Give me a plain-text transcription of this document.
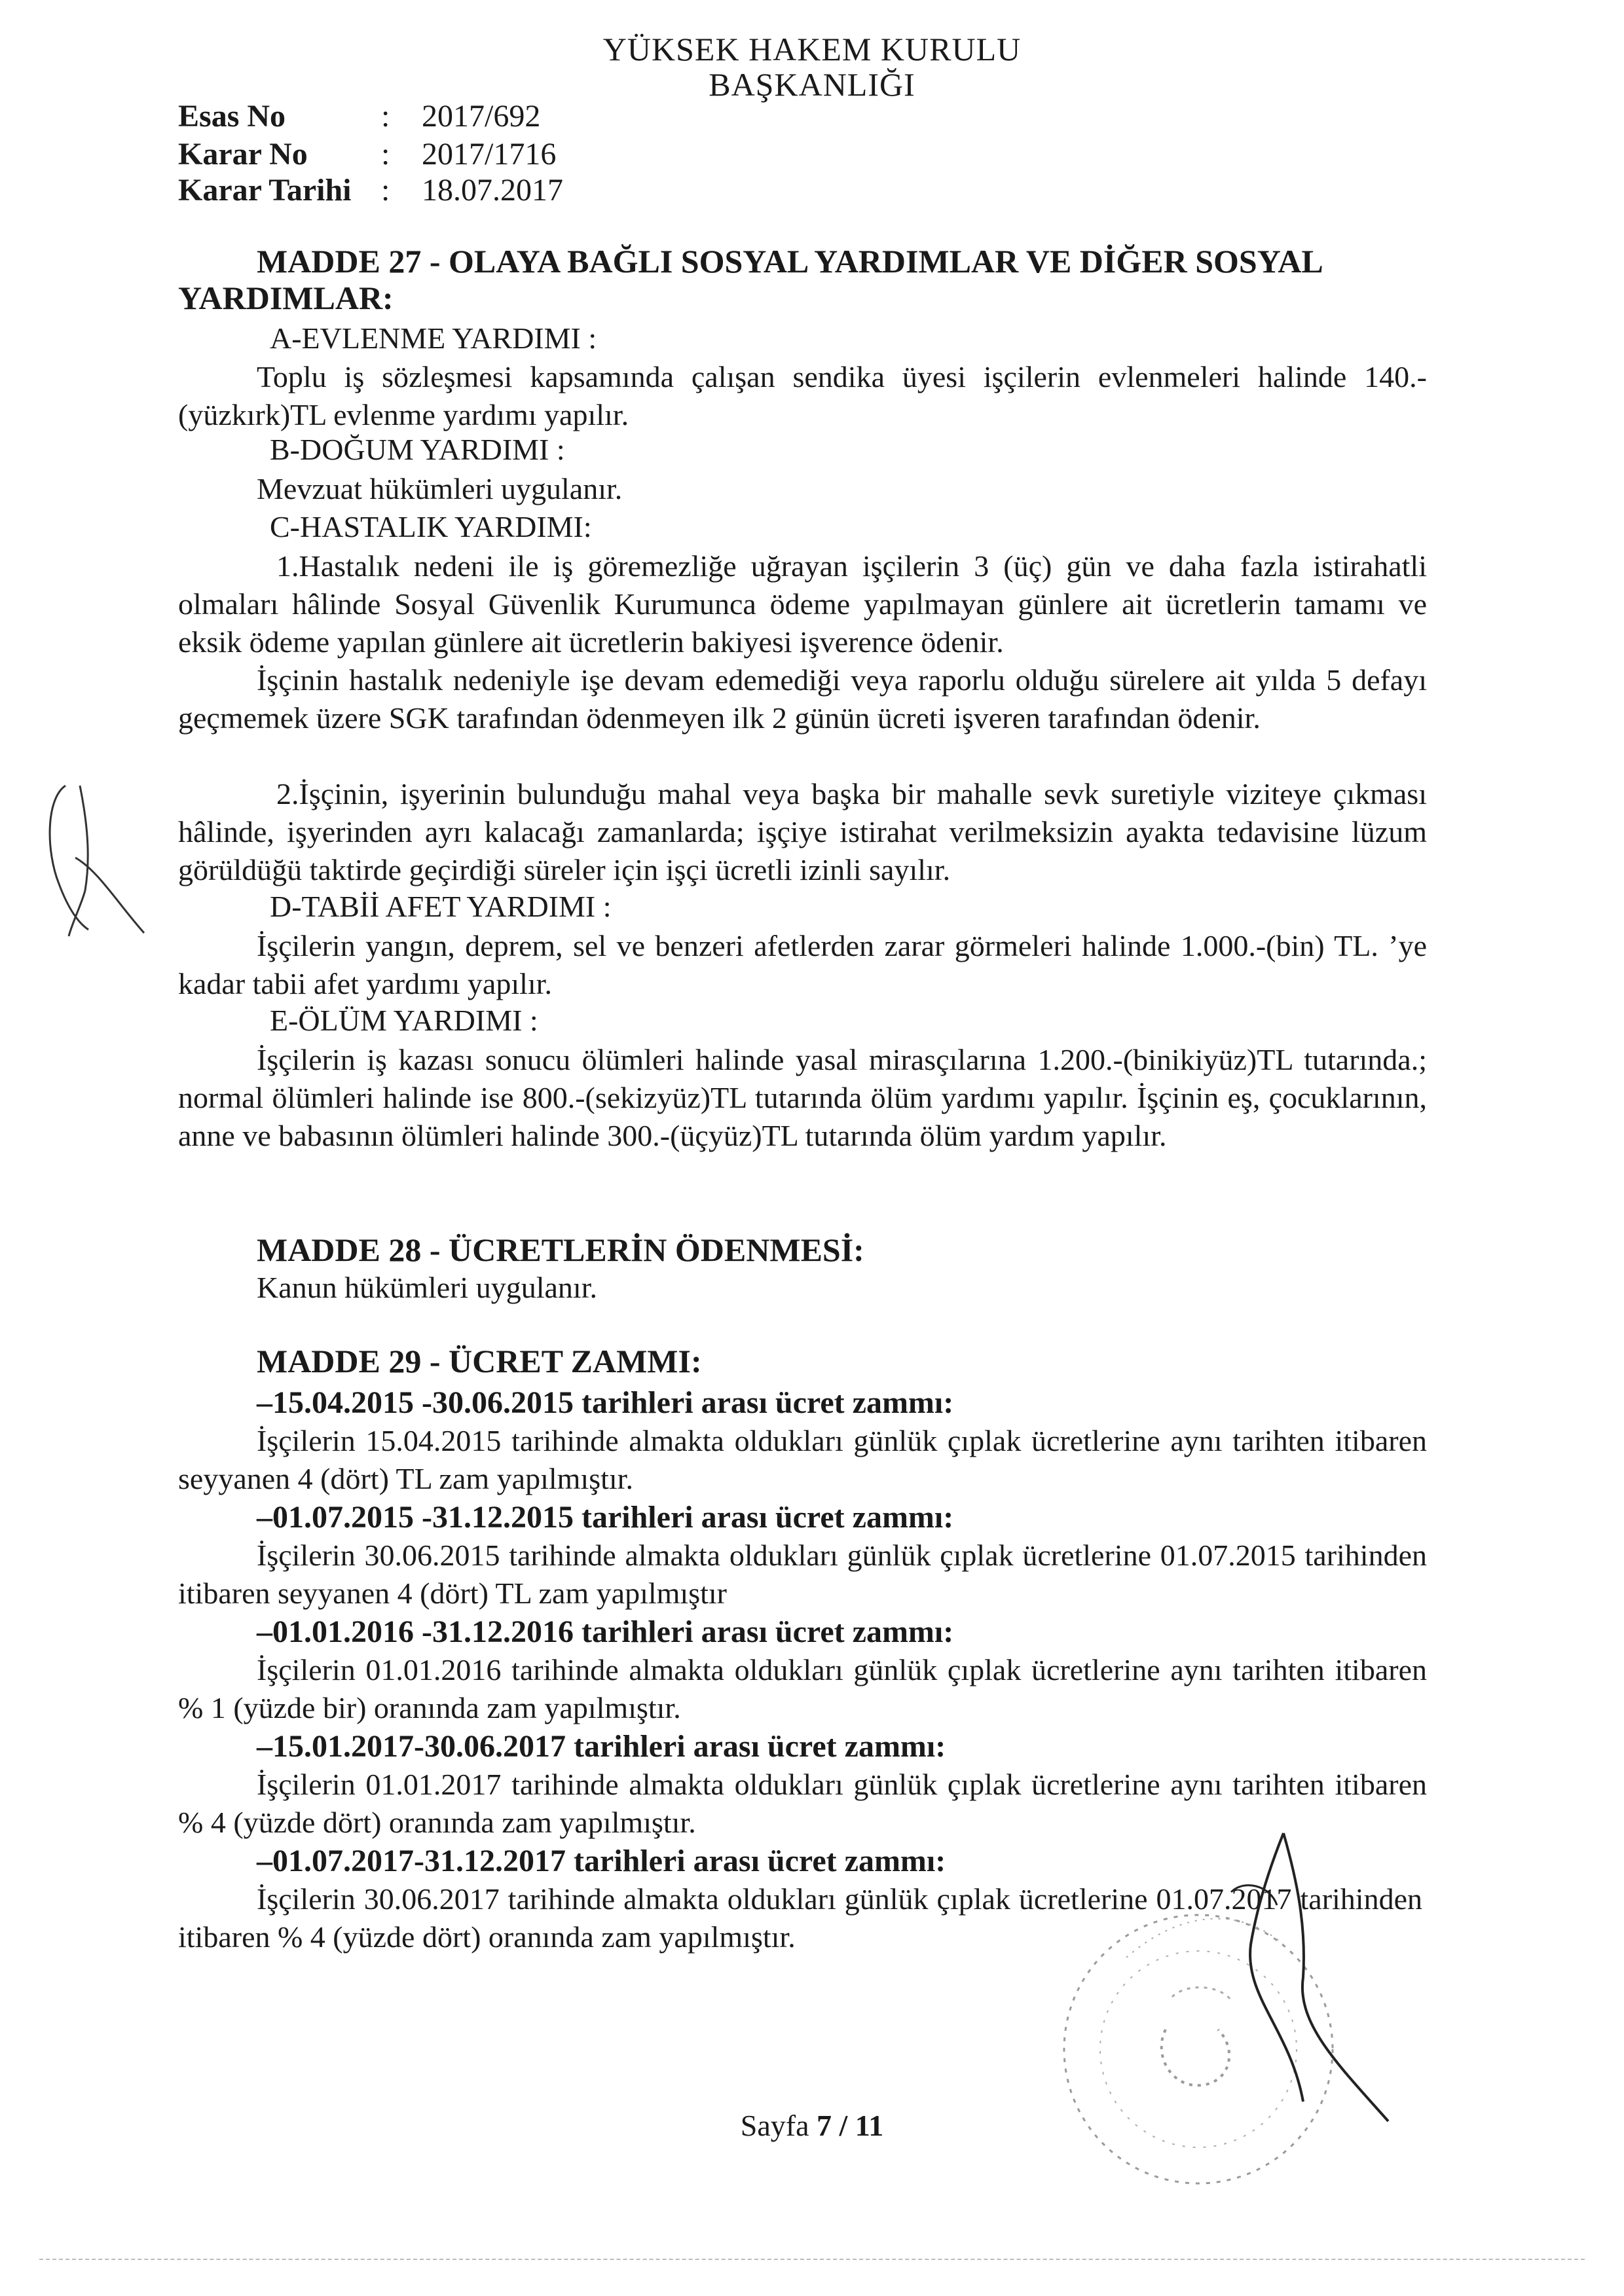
YÜKSEK HAKEM KURULU
BAŞKANLIĞI
Esas No	: 2017/692
Karar No : 2017/1716
Karar Tarihi : 18.07.2017
MADDE 27 - OLAYA BAĞLI SOSYAL YARDIMLAR VE DİĞER SOSYAL
YARDIMLAR:
A-EVLENME YARDIMI :
Toplu iş sözleşmesi kapsamında çalışan sendika üyesi işçilerin evlenmeleri halinde 140.-(yüzkırk)TL evlenme yardımı yapılır.
B-DOĞUM YARDIMI :
Mevzuat hükümleri uygulanır.
C-HASTALIK YARDIMI:
1.Hastalık nedeni ile iş göremezliğe uğrayan işçilerin 3 (üç) gün ve daha fazla istirahatli olmaları hâlinde Sosyal Güvenlik Kurumunca ödeme yapılmayan günlere ait ücretlerin tamamı ve eksik ödeme yapılan günlere ait ücretlerin bakiyesi işverence ödenir.
İşçinin hastalık nedeniyle işe devam edemediği veya raporlu olduğu sürelere ait yılda 5 defayı geçmemek üzere SGK tarafından ödenmeyen ilk 2 günün ücreti işveren tarafından ödenir.
2.İşçinin, işyerinin bulunduğu mahal veya başka bir mahalle sevk suretiyle viziteye çıkması hâlinde, işyerinden ayrı kalacağı zamanlarda; işçiye istirahat verilmeksizin ayakta tedavisine lüzum görüldüğü taktirde geçirdiği süreler için işçi ücretli izinli sayılır.
D-TABİİ AFET YARDIMI :
İşçilerin yangın, deprem, sel ve benzeri afetlerden zarar görmeleri halinde 1.000.-(bin) TL. ’ye kadar tabii afet yardımı yapılır.
E-ÖLÜM YARDIMI :
İşçilerin iş kazası sonucu ölümleri halinde yasal mirasçılarına 1.200.-(binikiyüz)TL tutarında.; normal ölümleri halinde ise 800.-(sekizyüz)TL tutarında ölüm yardımı yapılır. İşçinin eş, çocuklarının, anne ve babasının ölümleri halinde 300.-(üçyüz)TL tutarında ölüm yardım yapılır.
MADDE 28 - ÜCRETLERİN ÖDENMESİ:
Kanun hükümleri uygulanır.
MADDE 29 - ÜCRET ZAMMI:
–15.04.2015 -30.06.2015 tarihleri arası ücret zammı:
İşçilerin 15.04.2015 tarihinde almakta oldukları günlük çıplak ücretlerine aynı tarihten itibaren seyyanen 4 (dört) TL zam yapılmıştır.
–01.07.2015 -31.12.2015 tarihleri arası ücret zammı:
İşçilerin 30.06.2015 tarihinde almakta oldukları günlük çıplak ücretlerine 01.07.2015 tarihinden itibaren seyyanen 4 (dört) TL zam yapılmıştır
–01.01.2016 -31.12.2016 tarihleri arası ücret zammı:
İşçilerin 01.01.2016 tarihinde almakta oldukları günlük çıplak ücretlerine aynı tarihten itibaren % 1 (yüzde bir) oranında zam yapılmıştır.
–15.01.2017-30.06.2017 tarihleri arası ücret zammı:
İşçilerin 01.01.2017 tarihinde almakta oldukları günlük çıplak ücretlerine aynı tarihten itibaren % 4 (yüzde dört) oranında zam yapılmıştır.
–01.07.2017-31.12.2017 tarihleri arası ücret zammı:
İşçilerin 30.06.2017 tarihinde almakta oldukları günlük çıplak ücretlerine 01.07.2017 tarihinden itibaren % 4 (yüzde dört) oranında zam yapılmıştır.
Sayfa 7 / 11
